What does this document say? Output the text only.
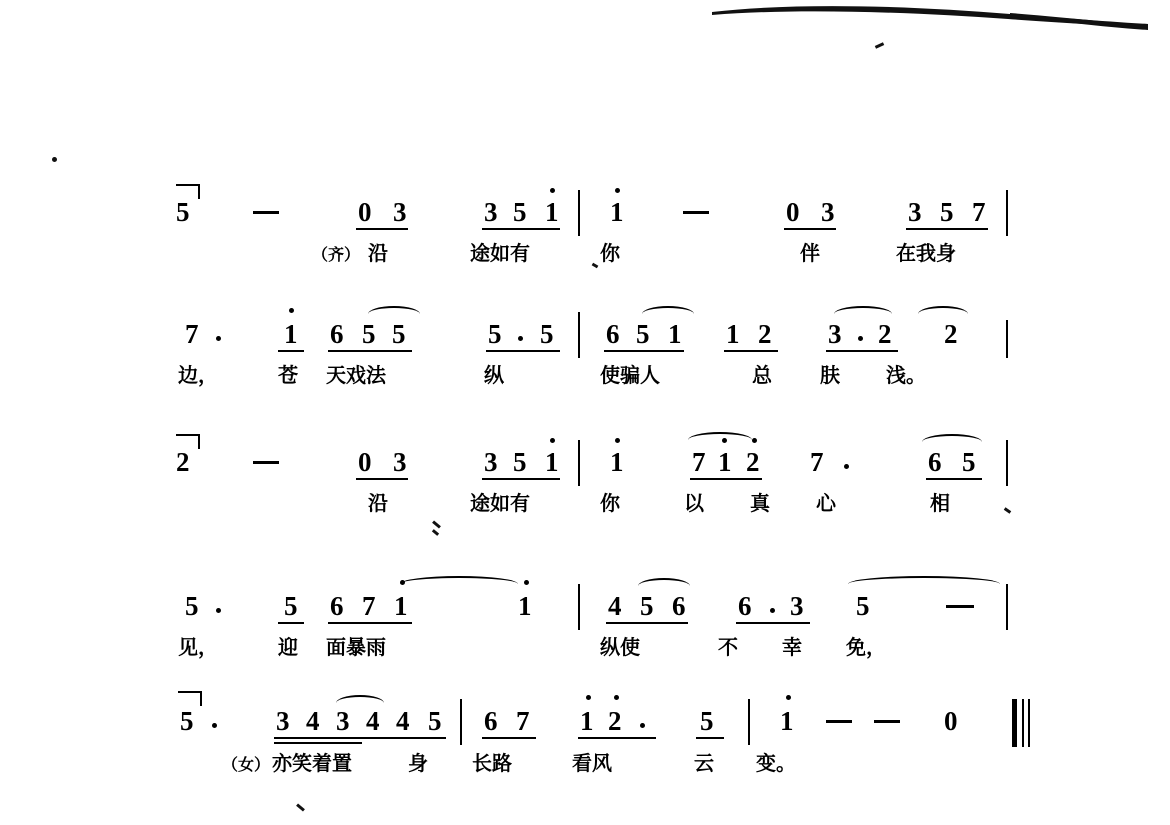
5	0 3	3 5 1 1	0 3	3 5 7
（齐） 沿	途如有	你	伴	在我身
7	1 6 5 5	5 5 6 5 1 1 2 3 2 2
边，	苍 天戏法	纵	使骗人	总 肤 浅。
2	0 3	3 5 1 1	7 1 2 7	6 5
沿	途如有	你	以 真 心	相
5	5 6 7 1	1	4 5 6 6 3 5
见，	迎 面暴雨	纵使	不 幸 免，
5	3 4 3 4 4 5 6 7 1 2	5 1	0
（女） 亦笑着置	身 长路	看风	云 变。
